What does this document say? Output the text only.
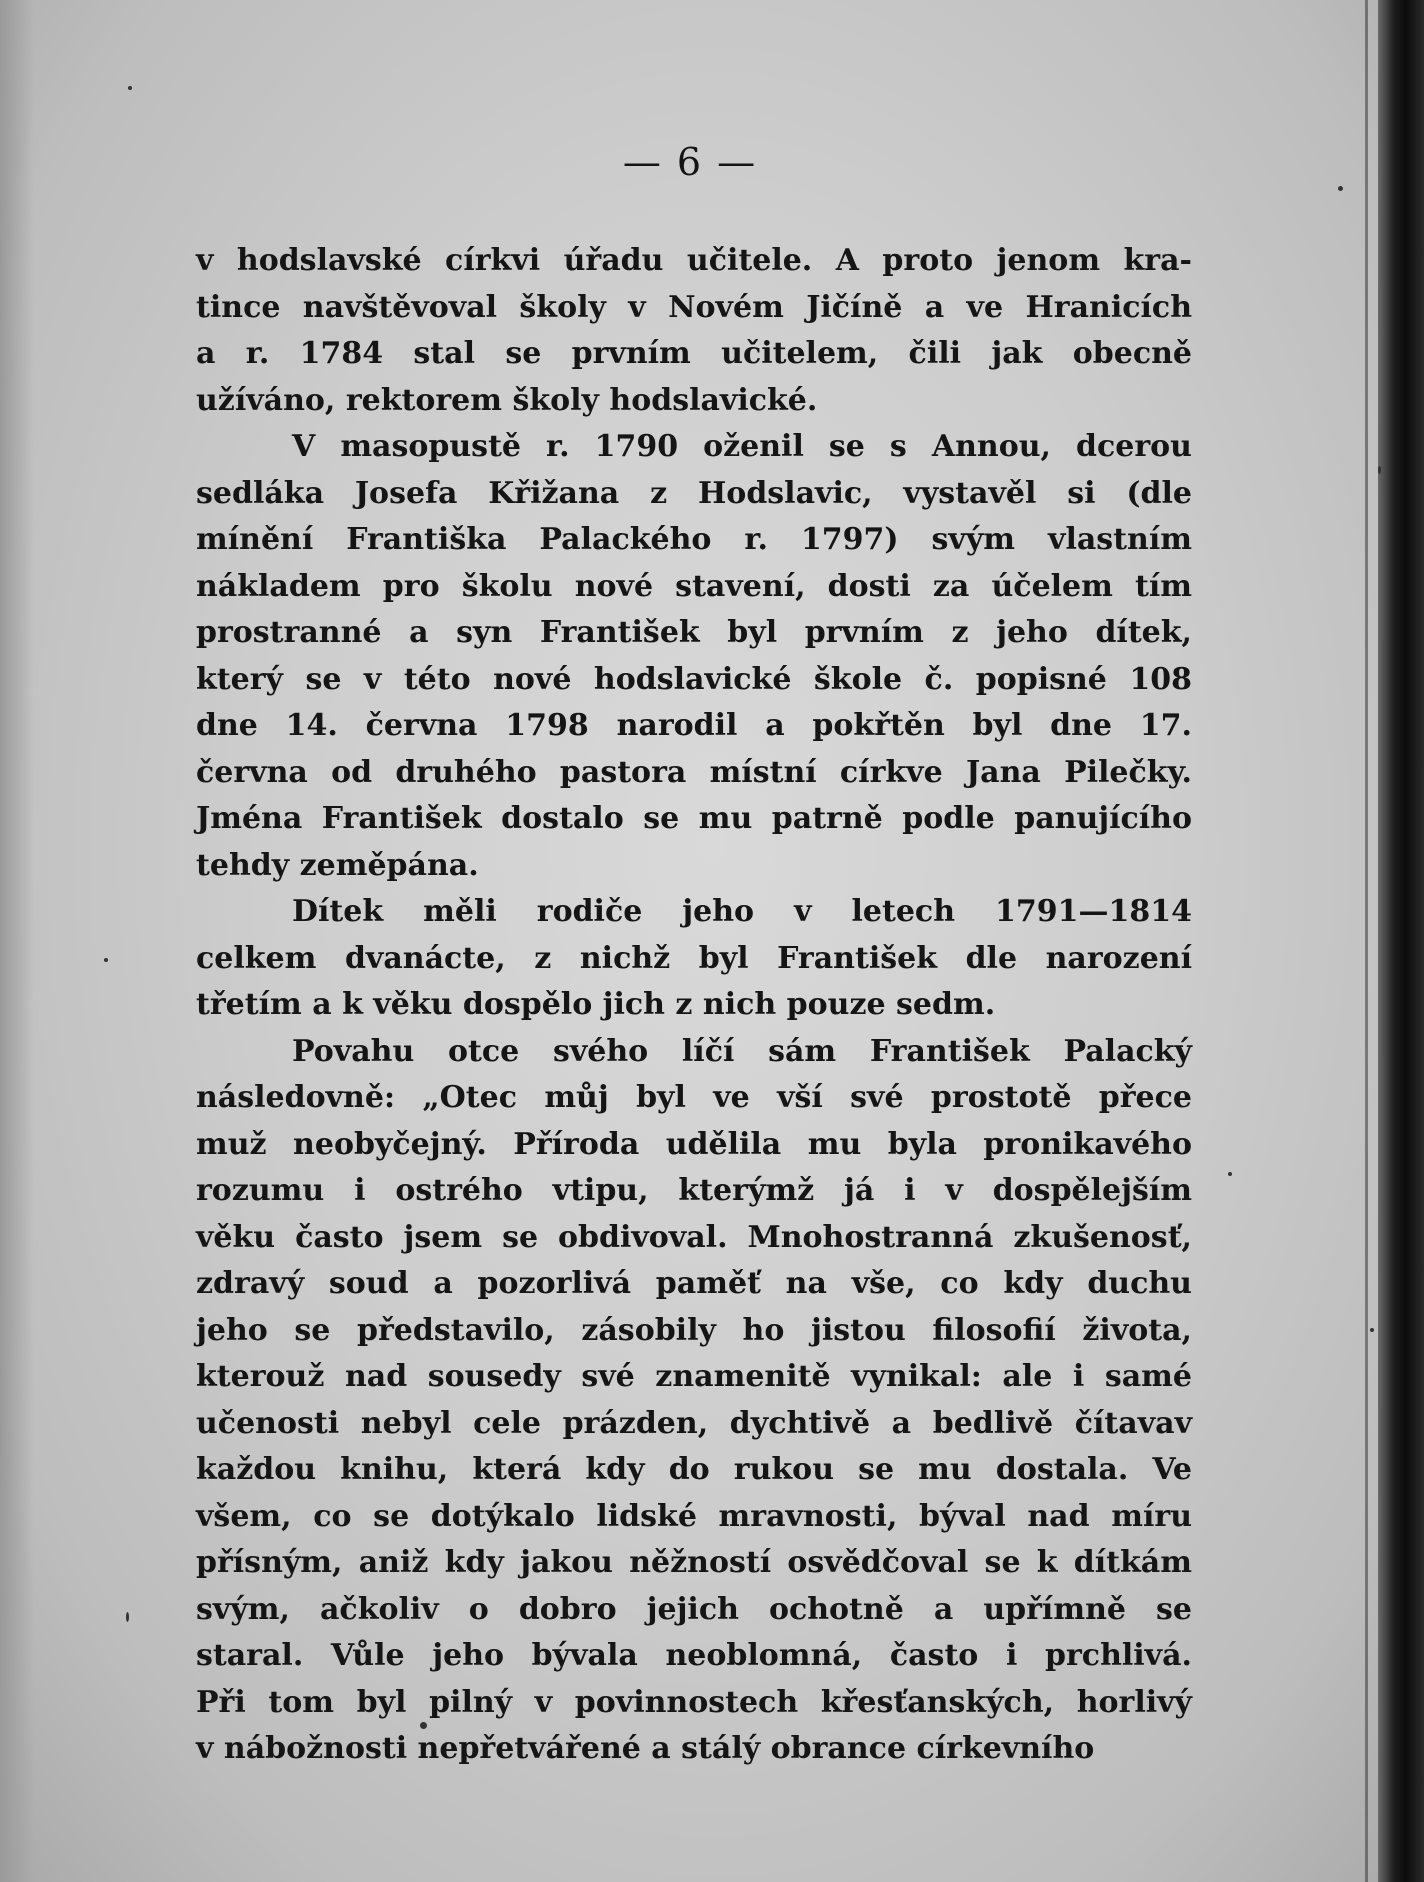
— 6 —
v hodslavské církvi úřadu učitele. A proto jenom kra-
tince navštěvoval školy v Novém Jičíně a ve Hranicích
a r. 1784 stal se prvním učitelem, čili jak obecně
užíváno, rektorem školy hodslavické.
V masopustě r. 1790 oženil se s Annou, dcerou
sedláka Josefa Křižana z Hodslavic, vystavěl si (dle
mínění Františka Palackého r. 1797) svým vlastním
nákladem pro školu nové stavení, dosti za účelem tím
prostranné a syn František byl prvním z jeho dítek,
který se v této nové hodslavické škole č. popisné 108
dne 14. června 1798 narodil a pokřtěn byl dne 17.
června od druhého pastora místní církve Jana Pilečky.
Jména František dostalo se mu patrně podle panujícího
tehdy zeměpána.
Dítek měli rodiče jeho v letech 1791—1814
celkem dvanácte, z nichž byl František dle narození
třetím a k věku dospělo jich z nich pouze sedm.
Povahu otce svého líčí sám František Palacký
následovně: „Otec můj byl ve vší své prostotě přece
muž neobyčejný. Příroda udělila mu byla pronikavého
rozumu i ostrého vtipu, kterýmž já i v dospělejším
věku často jsem se obdivoval. Mnohostranná zkušenosť,
zdravý soud a pozorlivá paměť na vše, co kdy duchu
jeho se představilo, zásobily ho jistou filosofií života,
kterouž nad sousedy své znamenitě vynikal: ale i samé
učenosti nebyl cele prázden, dychtivě a bedlivě čítavav
každou knihu, která kdy do rukou se mu dostala. Ve
všem, co se dotýkalo lidské mravnosti, býval nad míru
přísným, aniž kdy jakou něžností osvědčoval se k dítkám
svým, ačkoliv o dobro jejich ochotně a upřímně se
staral. Vůle jeho bývala neoblomná, často i prchlivá.
Při tom byl pilný v povinnostech křesťanských, horlivý
v nábožnosti nepřetvářené a stálý obrance církevního
